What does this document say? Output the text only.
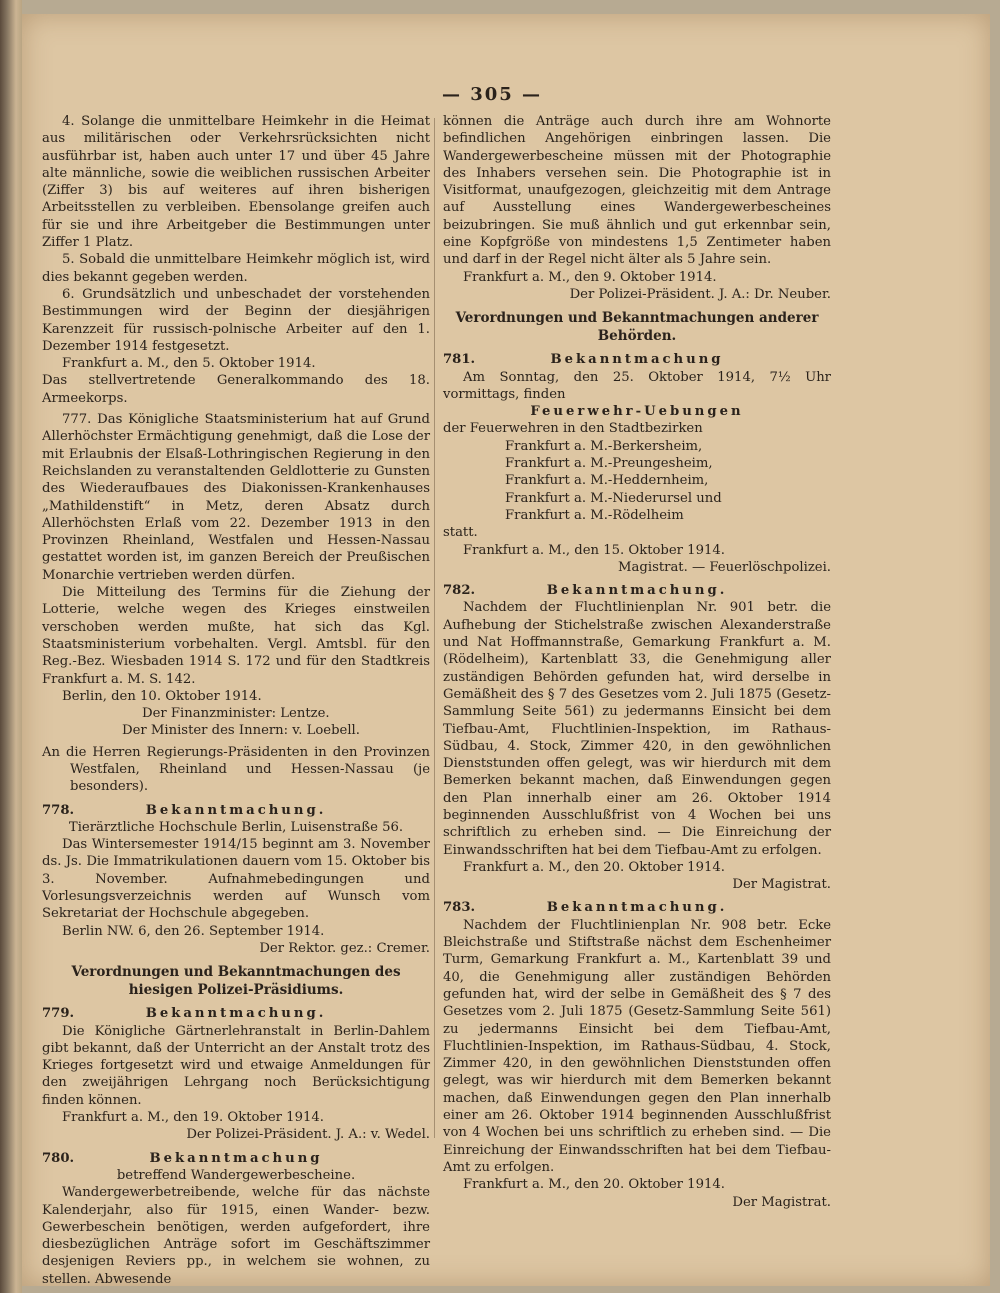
— 305 —

4. Solange die unmittelbare Heimkehr in die Heimat aus militärischen oder Verkehrsrücksichten nicht ausführbar ist, haben auch unter 17 und über 45 Jahre alte männliche, sowie die weiblichen russischen Arbeiter (Ziffer 3) bis auf weiteres auf ihren bisherigen Arbeitsstellen zu verbleiben. Ebensolange greifen auch für sie und ihre Arbeitgeber die Bestimmungen unter Ziffer 1 Platz.

5. Sobald die unmittelbare Heimkehr möglich ist, wird dies bekannt gegeben werden.

6. Grundsätzlich und unbeschadet der vorstehenden Bestimmungen wird der Beginn der diesjährigen Karenzzeit für russisch-polnische Arbeiter auf den 1. Dezember 1914 festgesetzt.

Frankfurt a. M., den 5. Oktober 1914.

Das stellvertretende Generalkommando des 18. Armeekorps.

777. Das Königliche Staatsministerium hat auf Grund Allerhöchster Ermächtigung genehmigt, daß die Lose der mit Erlaubnis der Elsaß-Lothringischen Regierung in den Reichslanden zu veranstaltenden Geldlotterie zu Gunsten des Wiederaufbaues des Diakonissen-Krankenhauses „Mathildenstift“ in Metz, deren Absatz durch Allerhöchsten Erlaß vom 22. Dezember 1913 in den Provinzen Rheinland, Westfalen und Hessen-Nassau gestattet worden ist, im ganzen Bereich der Preußischen Monarchie vertrieben werden dürfen.

Die Mitteilung des Termins für die Ziehung der Lotterie, welche wegen des Krieges einstweilen verschoben werden mußte, hat sich das Kgl. Staatsministerium vorbehalten. Vergl. Amtsbl. für den Reg.-Bez. Wiesbaden 1914 S. 172 und für den Stadtkreis Frankfurt a. M. S. 142.

Berlin, den 10. Oktober 1914.

Der Finanzminister: Lentze.

Der Minister des Innern: v. Loebell.

An die Herren Regierungs-Präsidenten in den Provinzen Westfalen, Rheinland und Hessen-Nassau (je besonders).

778.	Bekanntmachung.

Tierärztliche Hochschule Berlin, Luisenstraße 56.

Das Wintersemester 1914/15 beginnt am 3. November ds. Js. Die Immatrikulationen dauern vom 15. Oktober bis 3. November. Aufnahmebedingungen und Vorlesungsverzeichnis werden auf Wunsch vom Sekretariat der Hochschule abgegeben.

Berlin NW. 6, den 26. September 1914.

Der Rektor. gez.: Cremer.

Verordnungen und Bekanntmachungen des hiesigen Polizei-Präsidiums.

779.	Bekanntmachung.

Die Königliche Gärtnerlehranstalt in Berlin-Dahlem gibt bekannt, daß der Unterricht an der Anstalt trotz des Krieges fortgesetzt wird und etwaige Anmeldungen für den zweijährigen Lehrgang noch Berücksichtigung finden können.

Frankfurt a. M., den 19. Oktober 1914.

Der Polizei-Präsident. J. A.: v. Wedel.

780.	Bekanntmachung

betreffend Wandergewerbescheine.

Wandergewerbetreibende, welche für das nächste Kalenderjahr, also für 1915, einen Wander- bezw. Gewerbeschein benötigen, werden aufgefordert, ihre diesbezüglichen Anträge sofort im Geschäftszimmer desjenigen Reviers pp., in welchem sie wohnen, zu stellen. Abwesende

können die Anträge auch durch ihre am Wohnorte befindlichen Angehörigen einbringen lassen. Die Wandergewerbescheine müssen mit der Photographie des Inhabers versehen sein. Die Photographie ist in Visitformat, unaufgezogen, gleichzeitig mit dem Antrage auf Ausstellung eines Wandergewerbescheines beizubringen. Sie muß ähnlich und gut erkennbar sein, eine Kopfgröße von mindestens 1,5 Zentimeter haben und darf in der Regel nicht älter als 5 Jahre sein.

Frankfurt a. M., den 9. Oktober 1914.

Der Polizei-Präsident. J. A.: Dr. Neuber.

Verordnungen und Bekanntmachungen anderer Behörden.

781.	Bekanntmachung

Am Sonntag, den 25. Oktober 1914, 7½ Uhr vormittags, finden

Feuerwehr-Uebungen

der Feuerwehren in den Stadtbezirken

Frankfurt a. M.-Berkersheim,

Frankfurt a. M.-Preungesheim,

Frankfurt a. M.-Heddernheim,

Frankfurt a. M.-Niederursel und

Frankfurt a. M.-Rödelheim

statt.

Frankfurt a. M., den 15. Oktober 1914.

Magistrat. — Feuerlöschpolizei.

782.	Bekanntmachung.

Nachdem der Fluchtlinienplan Nr. 901 betr. die Aufhebung der Stichelstraße zwischen Alexanderstraße und Nat Hoffmannstraße, Gemarkung Frankfurt a. M. (Rödelheim), Kartenblatt 33, die Genehmigung aller zuständigen Behörden gefunden hat, wird derselbe in Gemäßheit des § 7 des Gesetzes vom 2. Juli 1875 (Gesetz-Sammlung Seite 561) zu jedermanns Einsicht bei dem Tiefbau-Amt, Fluchtlinien-Inspektion, im Rathaus-Südbau, 4. Stock, Zimmer 420, in den gewöhnlichen Dienststunden offen gelegt, was wir hierdurch mit dem Bemerken bekannt machen, daß Einwendungen gegen den Plan innerhalb einer am 26. Oktober 1914 beginnenden Ausschlußfrist von 4 Wochen bei uns schriftlich zu erheben sind. — Die Einreichung der Einwandsschriften hat bei dem Tiefbau-Amt zu erfolgen.

Frankfurt a. M., den 20. Oktober 1914.

Der Magistrat.

783.	Bekanntmachung.

Nachdem der Fluchtlinienplan Nr. 908 betr. Ecke Bleichstraße und Stiftstraße nächst dem Eschenheimer Turm, Gemarkung Frankfurt a. M., Kartenblatt 39 und 40, die Genehmigung aller zuständigen Behörden gefunden hat, wird der selbe in Gemäßheit des § 7 des Gesetzes vom 2. Juli 1875 (Gesetz-Sammlung Seite 561) zu jedermanns Einsicht bei dem Tiefbau-Amt, Fluchtlinien-Inspektion, im Rathaus-Südbau, 4. Stock, Zimmer 420, in den gewöhnlichen Dienststunden offen gelegt, was wir hierdurch mit dem Bemerken bekannt machen, daß Einwendungen gegen den Plan innerhalb einer am 26. Oktober 1914 beginnenden Ausschlußfrist von 4 Wochen bei uns schriftlich zu erheben sind. — Die Einreichung der Einwandsschriften hat bei dem Tiefbau-Amt zu erfolgen.

Frankfurt a. M., den 20. Oktober 1914.

Der Magistrat.
